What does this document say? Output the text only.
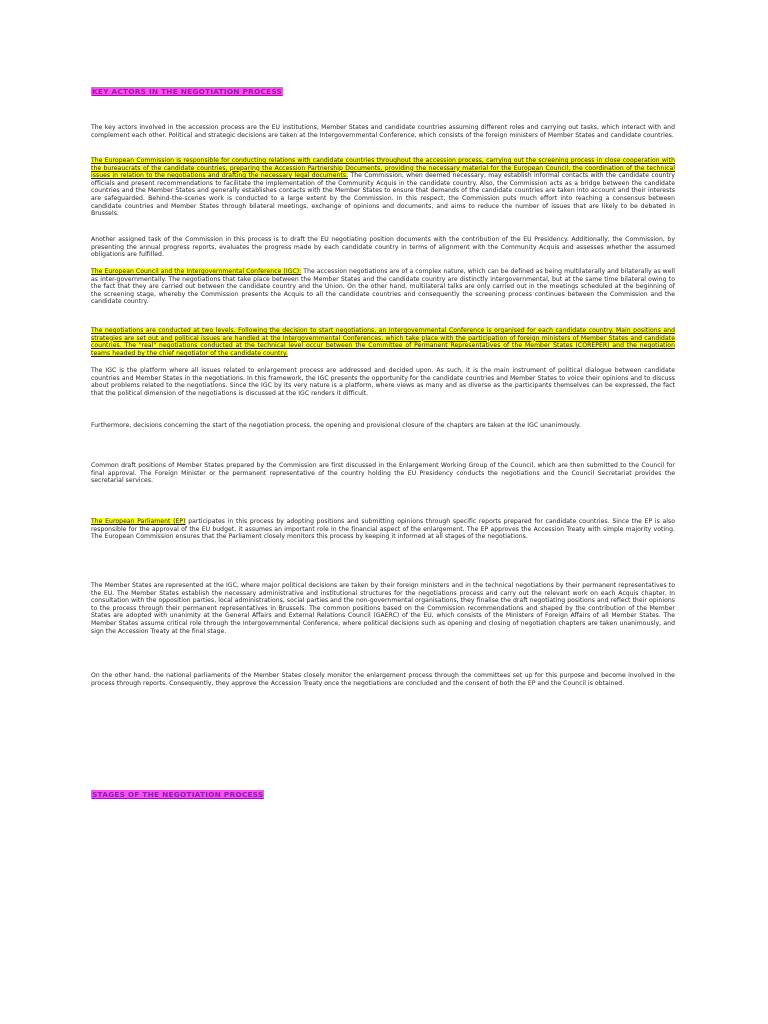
KEY ACTORS IN THE NEGOTIATION PROCESS
The key actors involved in the accession process are the EU institutions, Member States and candidate countries assuming different roles and carrying out tasks, which interact with and complement each other. Political and strategic decisions are taken at the Intergovernmental Conference, which consists of the foreign ministers of Member States and candidate countries.
The European Commission is responsible for conducting relations with candidate countries throughout the accession process, carrying out the screening process in close cooperation with the bureaucrats of the candidate countries, preparing the Accession Partnership Documents, providing the necessary material for the European Council, the coordination of the technical issues in relation to the negotiations and drafting the necessary legal documents. The Commission, when deemed necessary, may establish informal contacts with the candidate country officials and present recommendations to facilitate the implementation of the Community Acquis in the candidate country. Also, the Commission acts as a bridge between the candidate countries and the Member States and generally establishes contacts with the Member States to ensure that demands of the candidate countries are taken into account and their interests are safeguarded. Behind-the-scenes work is conducted to a large extent by the Commission. In this respect, the Commission puts much effort into reaching a consensus between candidate countries and Member States through bilateral meetings, exchange of opinions and documents, and aims to reduce the number of issues that are likely to be debated in Brussels.
Another assigned task of the Commission in this process is to draft the EU negotiating position documents with the contribution of the EU Presidency. Additionally, the Commission, by presenting the annual progress reports, evaluates the progress made by each candidate country in terms of alignment with the Community Acquis and assesses whether the assumed obligations are fulfilled.
The European Council and the Intergovernmental Conference (IGC): The accession negotiations are of a complex nature, which can be defined as being multilaterally and bilaterally as well as inter-governmentally. The negotiations that take place between the Member States and the candidate country are distinctly intergovernmental, but at the same time bilateral owing to the fact that they are carried out between the candidate country and the Union. On the other hand, multilateral talks are only carried out in the meetings scheduled at the beginning of the screening stage, whereby the Commission presents the Acquis to all the candidate countries and consequently the screening process continues between the Commission and the candidate country.
The negotiations are conducted at two levels. Following the decision to start negotiations, an Intergovernmental Conference is organised for each candidate country. Main positions and strategies are set out and political issues are handled at the Intergovernmental Conferences, which take place with the participation of foreign ministers of Member States and candidate countries. The "real" negotiations conducted at the technical level occur between the Committee of Permanent Representatives of the Member States (COREPER) and the negotiation teams headed by the chief negotiator of the candidate country.
The IGC is the platform where all issues related to enlargement process are addressed and decided upon. As such, it is the main instrument of political dialogue between candidate countries and Member States in the negotiations. In this framework, the IGC presents the opportunity for the candidate countries and Member States to voice their opinions and to discuss about problems related to the negotiations. Since the IGC by its very nature is a platform, where views as many and as diverse as the participants themselves can be expressed, the fact that the political dimension of the negotiations is discussed at the IGC renders it difficult.
Furthermore, decisions concerning the start of the negotiation process, the opening and provisional closure of the chapters are taken at the IGC unanimously.
Common draft positions of Member States prepared by the Commission are first discussed in the Enlargement Working Group of the Council, which are then submitted to the Council for final approval. The Foreign Minister or the permanent representative of the country holding the EU Presidency conducts the negotiations and the Council Secretariat provides the secretarial services.
The European Parliament (EP) participates in this process by adopting positions and submitting opinions through specific reports prepared for candidate countries. Since the EP is also responsible for the approval of the EU budget, it assumes an important role in the financial aspect of the enlargement. The EP approves the Accession Treaty with simple majority voting. The European Commission ensures that the Parliament closely monitors this process by keeping it informed at all stages of the negotiations.
The Member States are represented at the IGC, where major political decisions are taken by their foreign ministers and in the technical negotiations by their permanent representatives to the EU. The Member States establish the necessary administrative and institutional structures for the negotiations process and carry out the relevant work on each Acquis chapter. In consultation with the opposition parties, local administrations, social parties and the non-governmental organisations, they finalise the draft negotiating positions and reflect their opinions to the process through their permanent representatives in Brussels. The common positions based on the Commission recommendations and shaped by the contribution of the Member States are adopted with unanimity at the General Affairs and External Relations Council (GAERC) of the EU, which consists of the Ministers of Foreign Affairs of all Member States. The Member States assume critical role through the Intergovernmental Conference, where political decisions such as opening and closing of negotiation chapters are taken unanimously, and sign the Accession Treaty at the final stage.
On the other hand, the national parliaments of the Member States closely monitor the enlargement process through the committees set up for this purpose and become involved in the process through reports. Consequently, they approve the Accession Treaty once the negotiations are concluded and the consent of both the EP and the Council is obtained.
STAGES OF THE NEGOTIATION PROCESS
